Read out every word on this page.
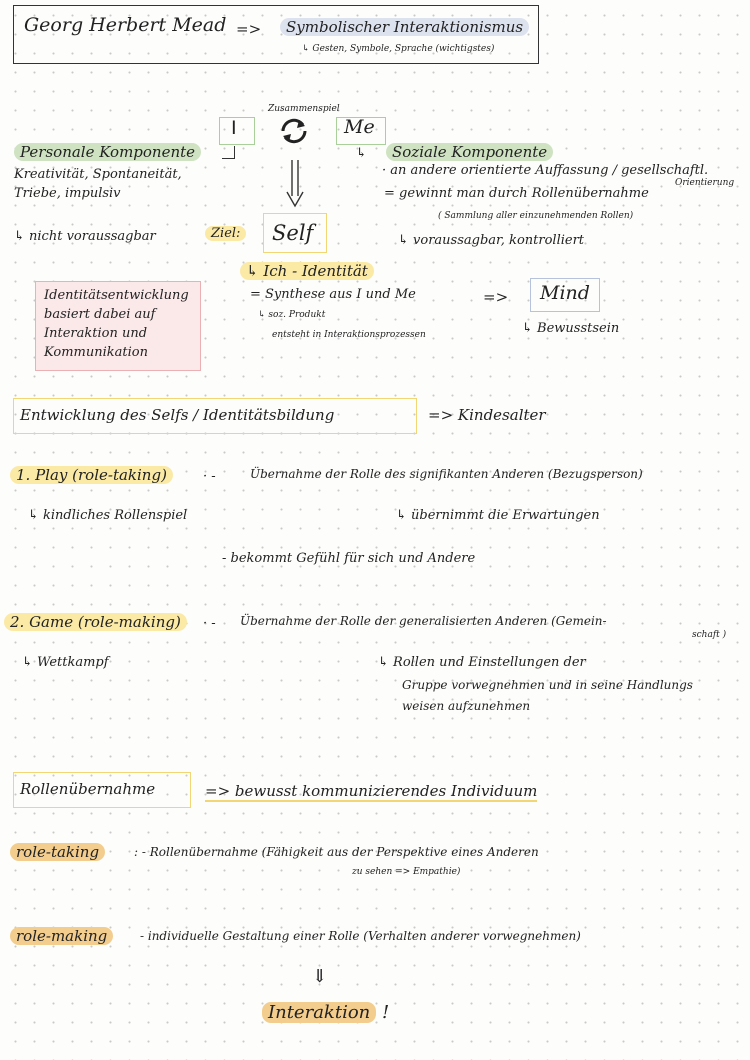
Georg Herbert Mead =>	Symbolischer Interaktionismus
↳ Gesten, Symbole, Sprache (wichtigstes)
Zusammenspiel
I	Me
Personale Komponente
Kreativität, Spontaneität,
Triebe, impulsiv
↳ nicht voraussagbar
↳	Soziale Komponente
· an andere orientierte Auffassung / gesellschaftl.
Orientierung
= gewinnt man durch Rollenübernahme
( Sammlung aller einzunehmenden Rollen)
↳ voraussagbar, kontrolliert
Ziel: Self
↳ Ich - Identität
= Synthese aus I und Me
↳ soz. Produkt
entsteht in Interaktionsprozessen
=> Mind
↳ Bewusstsein
Identitätsentwicklung
basiert dabei auf
Interaktion und
Kommunikation
Entwicklung des Selfs / Identitätsbildung	=> Kindesalter
1. Play (role-taking)	· -	Übernahme der Rolle des signifikanten Anderen (Bezugsperson)
↳ kindliches Rollenspiel	↳ übernimmt die Erwartungen
- bekommt Gefühl für sich und Andere
2. Game (role-making)	· - Übernahme der Rolle der generalisierten Anderen (Gemein-
schaft )
↳ Wettkampf	↳ Rollen und Einstellungen der
Gruppe vorwegnehmen und in seine Handlungs
weisen aufzunehmen
Rollenübernahme	=> bewusst kommunizierendes Individuum
role-taking	: - Rollenübernahme (Fähigkeit aus der Perspektive eines Anderen
zu sehen => Empathie)
role-making	- individuelle Gestaltung einer Rolle (Verhalten anderer vorwegnehmen)
⇓
Interaktion !
